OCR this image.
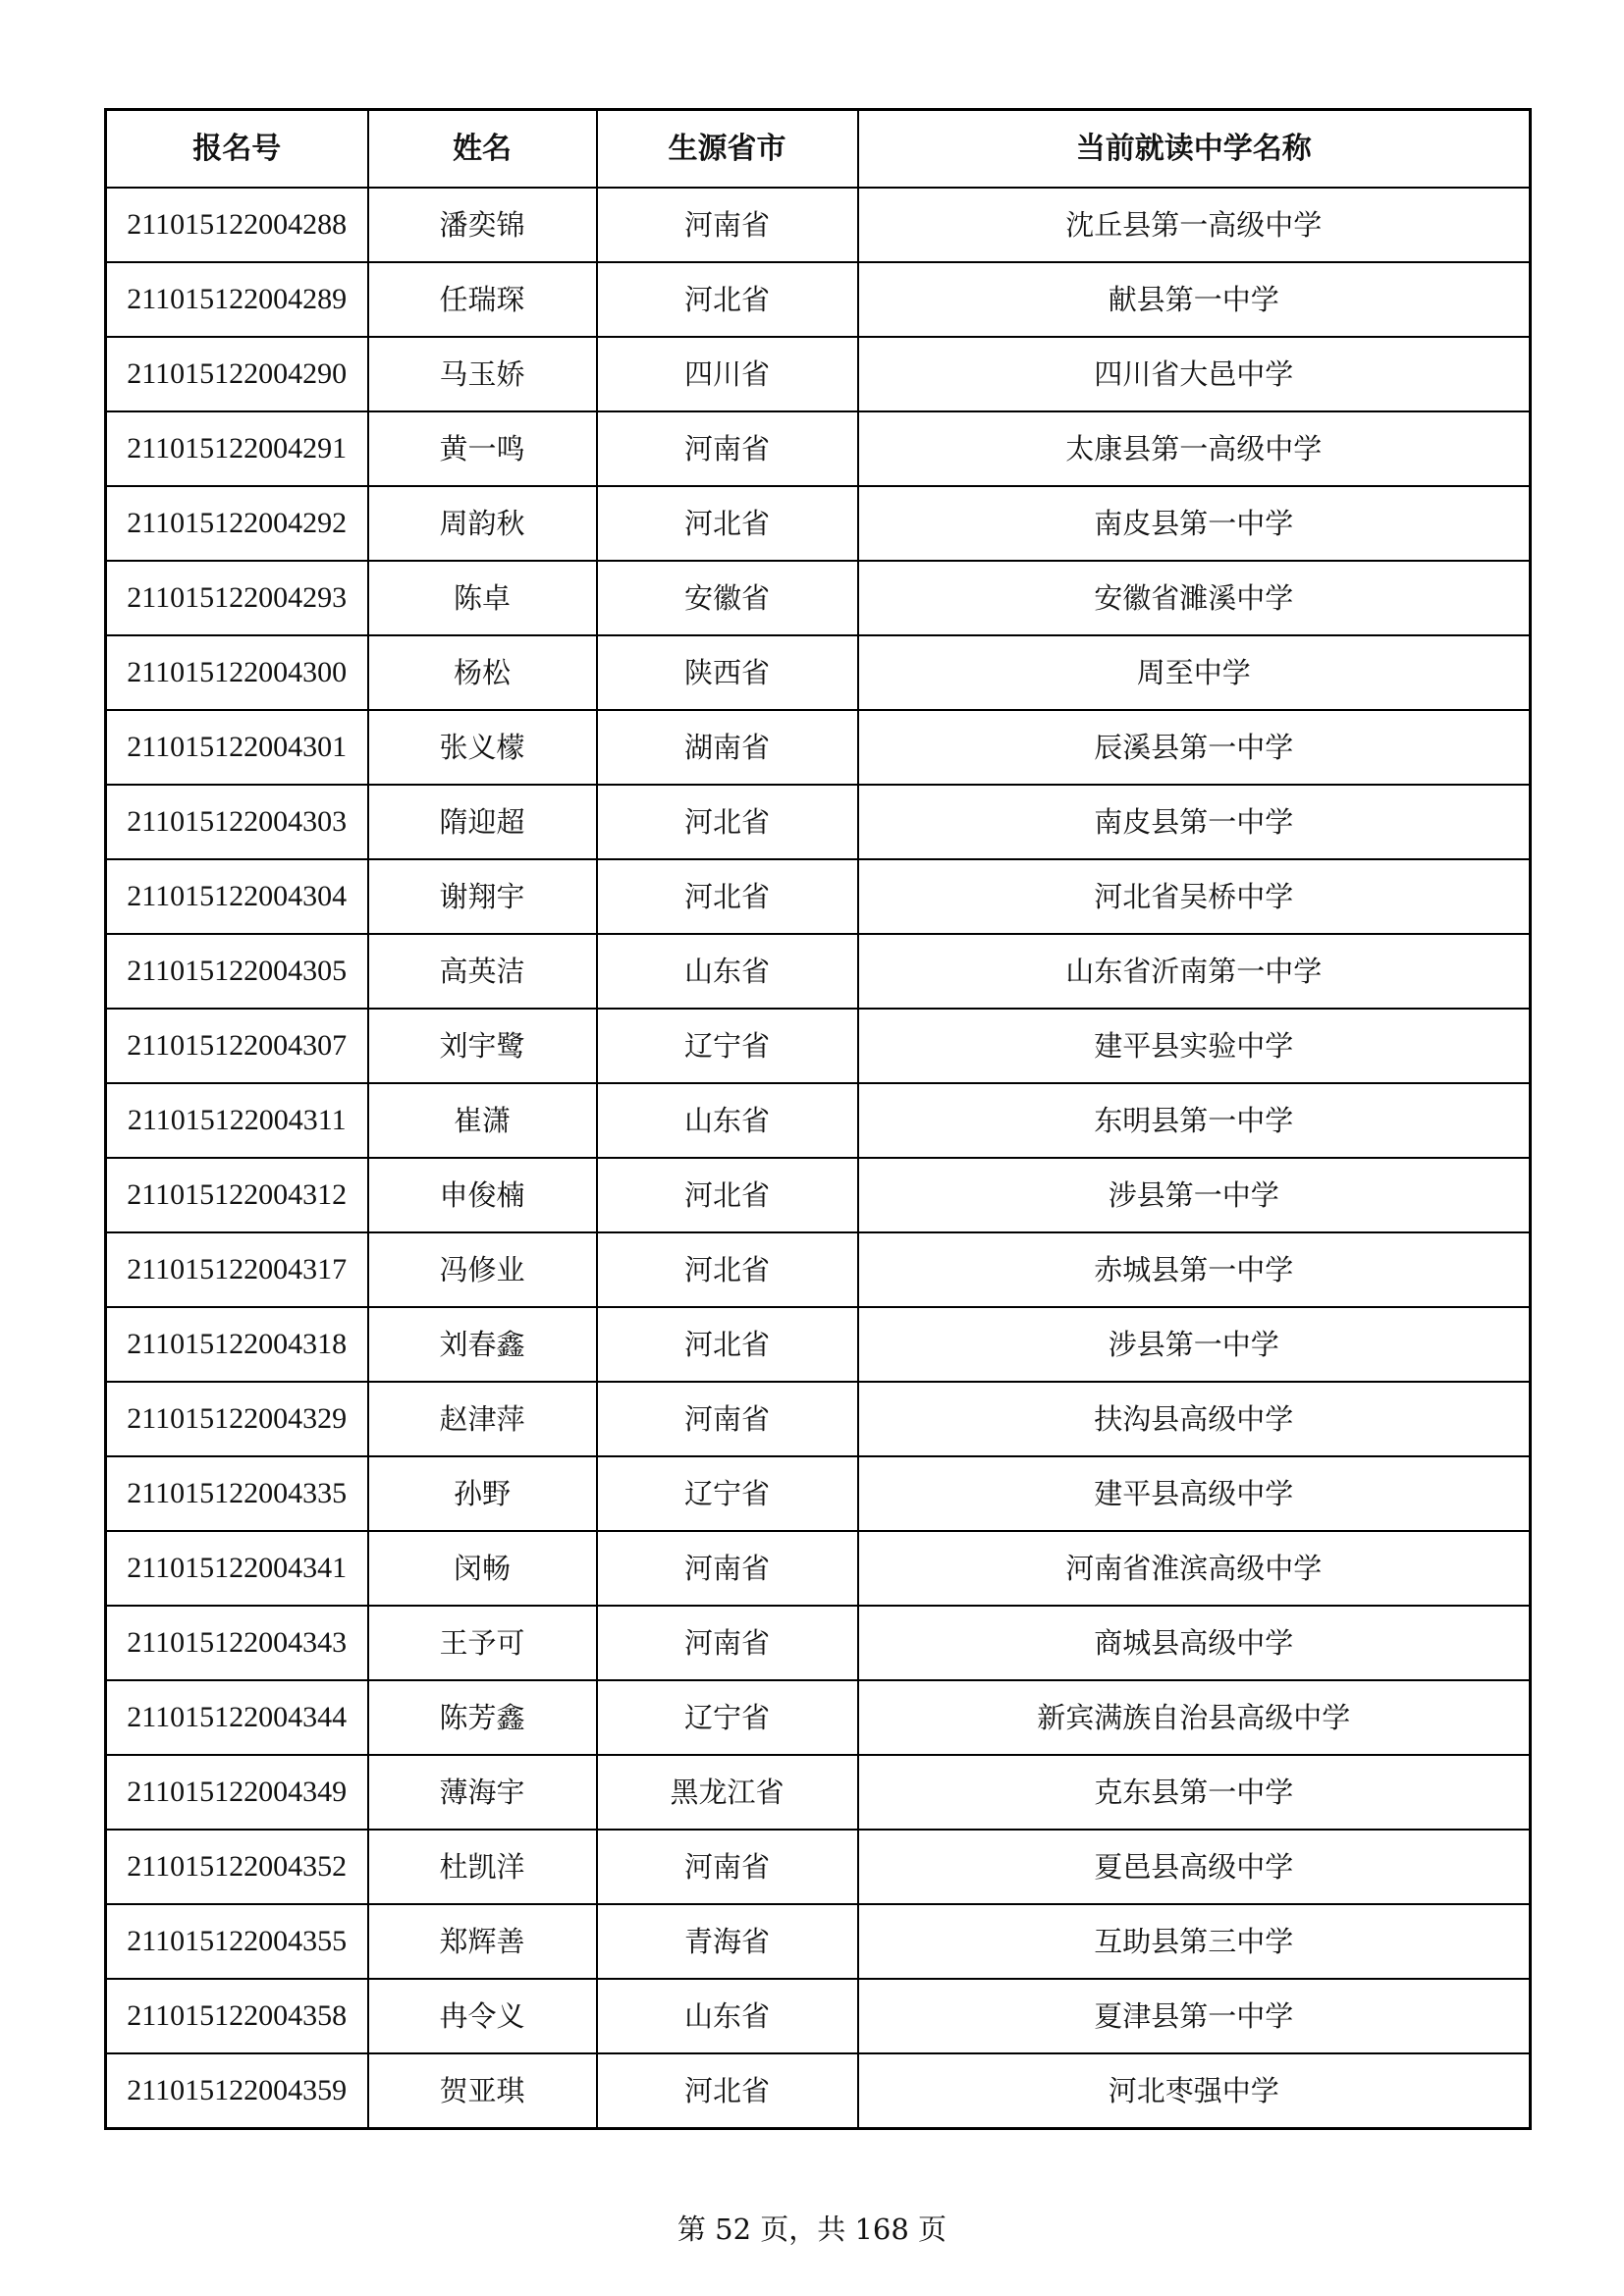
报名号	姓名	生源省市	当前就读中学名称
211015122004288	潘奕锦	河南省	沈丘县第一高级中学
211015122004289	任瑞琛	河北省	献县第一中学
211015122004290	马玉娇	四川省	四川省大邑中学
211015122004291	黄一鸣	河南省	太康县第一高级中学
211015122004292	周韵秋	河北省	南皮县第一中学
211015122004293	陈卓	安徽省	安徽省濉溪中学
211015122004300	杨松	陕西省	周至中学
211015122004301	张义檬	湖南省	辰溪县第一中学
211015122004303	隋迎超	河北省	南皮县第一中学
211015122004304	谢翔宇	河北省	河北省吴桥中学
211015122004305	高英洁	山东省	山东省沂南第一中学
211015122004307	刘宇鹭	辽宁省	建平县实验中学
211015122004311	崔潇	山东省	东明县第一中学
211015122004312	申俊楠	河北省	涉县第一中学
211015122004317	冯修业	河北省	赤城县第一中学
211015122004318	刘春鑫	河北省	涉县第一中学
211015122004329	赵津萍	河南省	扶沟县高级中学
211015122004335	孙野	辽宁省	建平县高级中学
211015122004341	闵畅	河南省	河南省淮滨高级中学
211015122004343	王予可	河南省	商城县高级中学
211015122004344	陈芳鑫	辽宁省	新宾满族自治县高级中学
211015122004349	薄海宇	黑龙江省	克东县第一中学
211015122004352	杜凯洋	河南省	夏邑县高级中学
211015122004355	郑辉善	青海省	互助县第三中学
211015122004358	冉令义	山东省	夏津县第一中学
211015122004359	贺亚琪	河北省	河北枣强中学
第 52 页，共 168 页
